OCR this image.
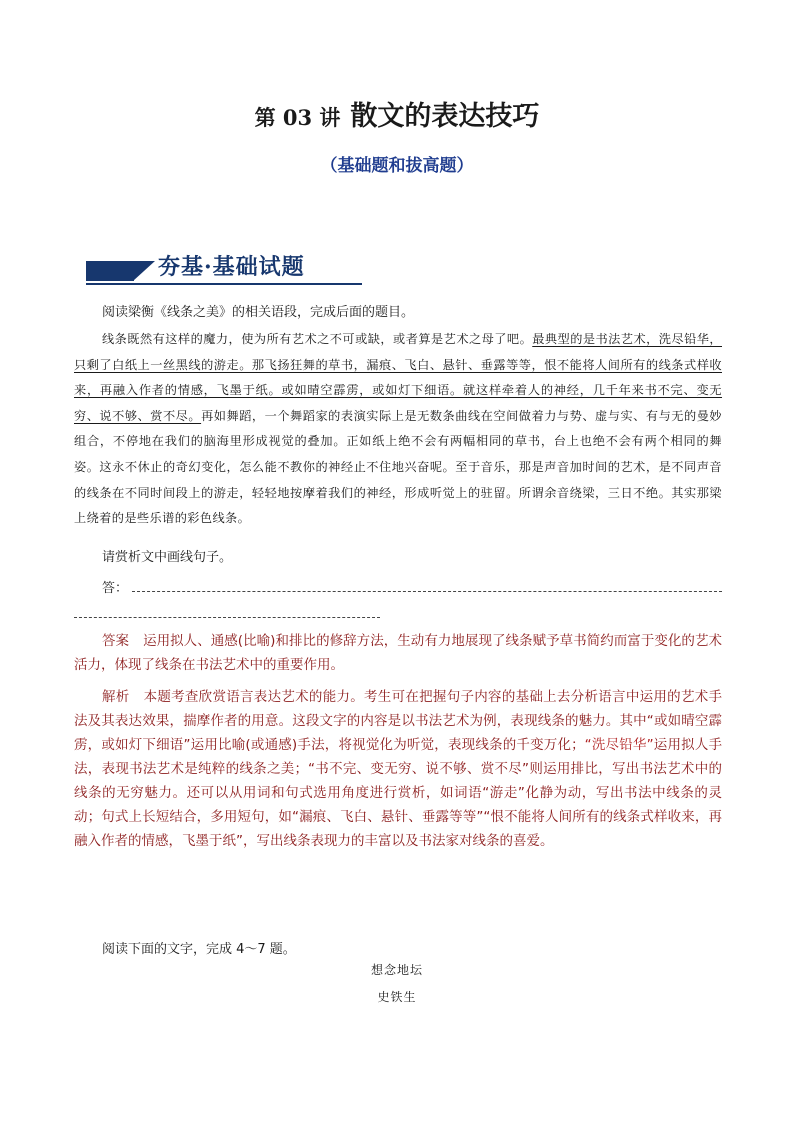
第 03 讲 散文的表达技巧
（基础题和拔高题）
夯基·基础试题
阅读梁衡《线条之美》的相关语段，完成后面的题目。
线条既然有这样的魔力，使为所有艺术之不可或缺，或者算是艺术之母了吧。最典型的是书法艺术，洗尽铅华，只剩了白纸上一丝黑线的游走。那飞扬狂舞的草书，漏痕、飞白、悬针、垂露等等，恨不能将人间所有的线条式样收来，再融入作者的情感，飞墨于纸。或如晴空霹雳，或如灯下细语。就这样牵着人的神经，几千年来书不完、变无穷、说不够、赏不尽。再如舞蹈，一个舞蹈家的表演实际上是无数条曲线在空间做着力与势、虚与实、有与无的曼妙组合，不停地在我们的脑海里形成视觉的叠加。正如纸上绝不会有两幅相同的草书，台上也绝不会有两个相同的舞姿。这永不休止的奇幻变化，怎么能不教你的神经止不住地兴奋呢。至于音乐，那是声音加时间的艺术，是不同声音的线条在不同时间段上的游走，轻轻地按摩着我们的神经，形成听觉上的驻留。所谓余音绕梁，三日不绝。其实那梁上绕着的是些乐谱的彩色线条。
请赏析文中画线句子。
答：
答案 运用拟人、通感(比喻)和排比的修辞方法，生动有力地展现了线条赋予草书简约而富于变化的艺术活力，体现了线条在书法艺术中的重要作用。
解析 本题考查欣赏语言表达艺术的能力。考生可在把握句子内容的基础上去分析语言中运用的艺术手法及其表达效果，揣摩作者的用意。这段文字的内容是以书法艺术为例，表现线条的魅力。其中“或如晴空霹雳，或如灯下细语”运用比喻(或通感)手法，将视觉化为听觉，表现线条的千变万化；“洗尽铅华”运用拟人手法，表现书法艺术是纯粹的线条之美；“书不完、变无穷、说不够、赏不尽”则运用排比，写出书法艺术中的线条的无穷魅力。还可以从用词和句式选用角度进行赏析，如词语“游走”化静为动，写出书法中线条的灵动；句式上长短结合，多用短句，如“漏痕、飞白、悬针、垂露等等”“恨不能将人间所有的线条式样收来，再融入作者的情感，飞墨于纸”，写出线条表现力的丰富以及书法家对线条的喜爱。
阅读下面的文字，完成 4～7 题。
想念地坛
史铁生
